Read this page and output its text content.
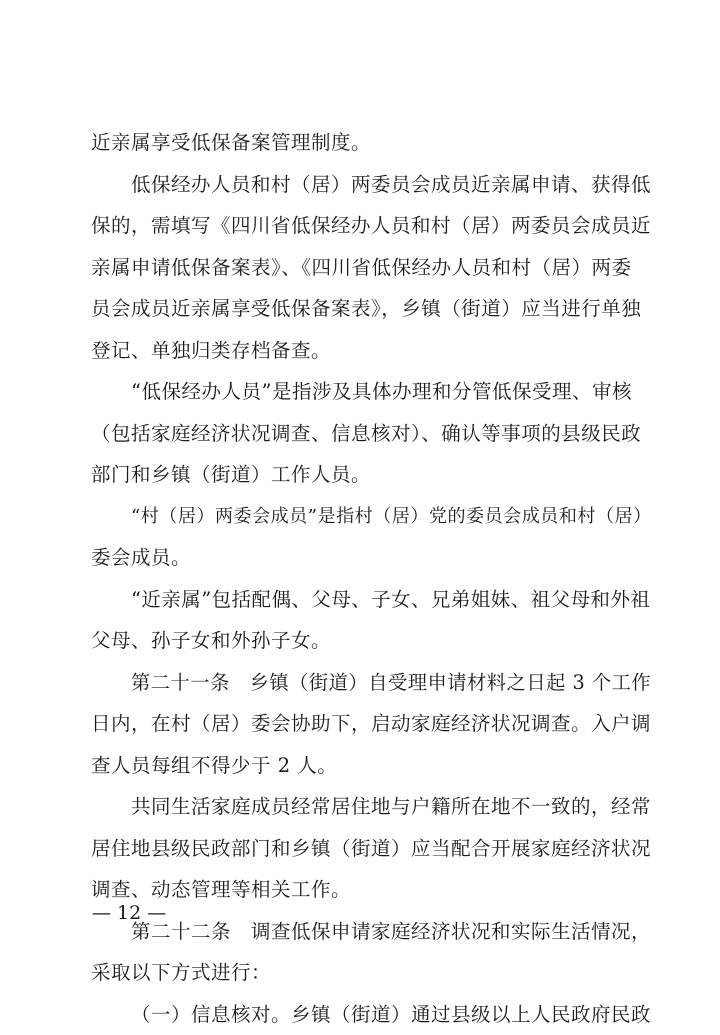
近亲属享受低保备案管理制度。
低保经办人员和村（居）两委员会成员近亲属申请、获得低
保的，需填写《四川省低保经办人员和村（居）两委员会成员近
亲属申请低保备案表》、《四川省低保经办人员和村（居）两委
员会成员近亲属享受低保备案表》，乡镇（街道）应当进行单独
登记、单独归类存档备查。
“低保经办人员”是指涉及具体办理和分管低保受理、审核
（包括家庭经济状况调查、信息核对）、确认等事项的县级民政
部门和乡镇（街道）工作人员。
“村（居）两委会成员”是指村（居）党的委员会成员和村（居）
委会成员。
“近亲属”包括配偶、父母、子女、兄弟姐妹、祖父母和外祖
父母、孙子女和外孙子女。
第二十一条　乡镇（街道）自受理申请材料之日起 3 个工作
日内，在村（居）委会协助下，启动家庭经济状况调查。入户调
查人员每组不得少于 2 人。
共同生活家庭成员经常居住地与户籍所在地不一致的，经常
居住地县级民政部门和乡镇（街道）应当配合开展家庭经济状况
调查、动态管理等相关工作。
第二十二条　调查低保申请家庭经济状况和实际生活情况，
采取以下方式进行：
（一）信息核对。乡镇（街道）通过县级以上人民政府民政
— 12 —
